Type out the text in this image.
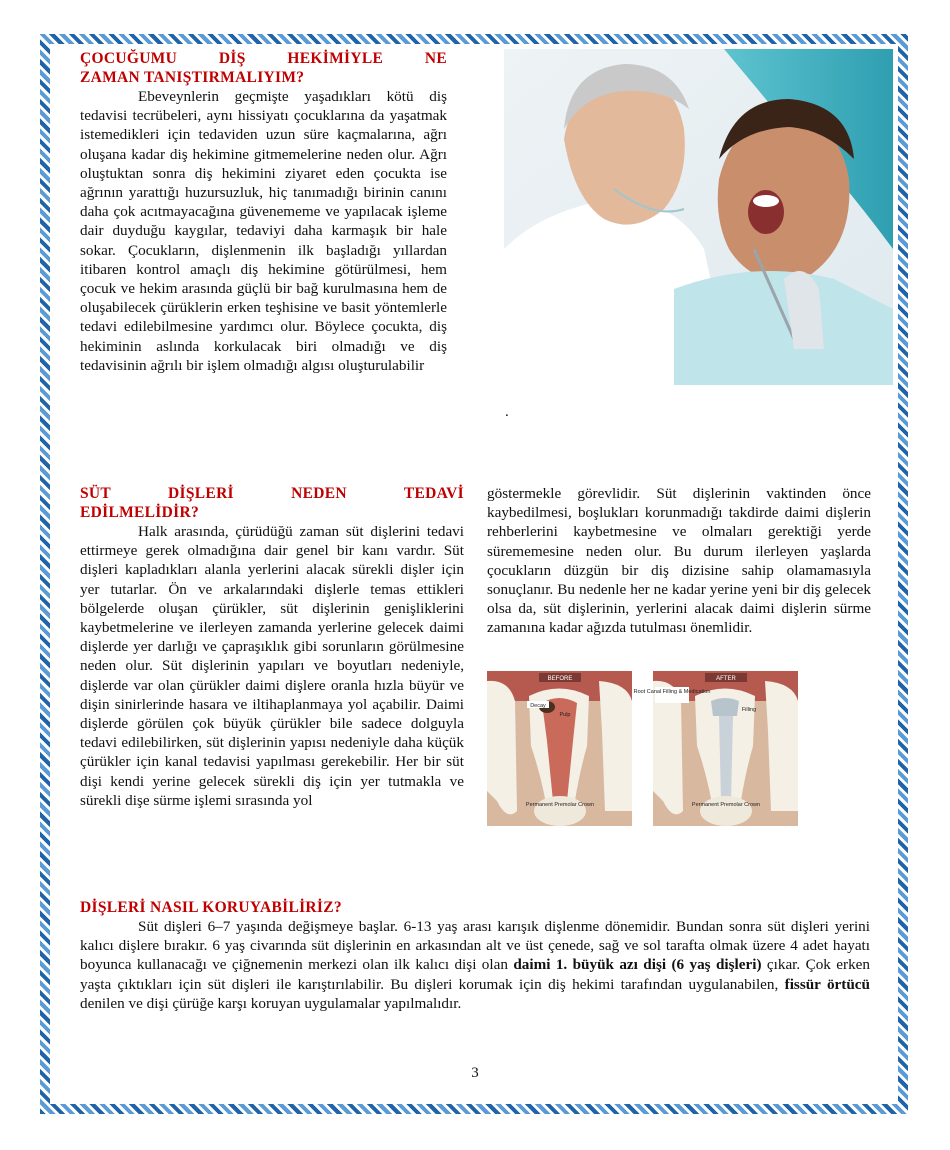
ÇOCUĞUMU DİŞ HEKİMİYLE NE
ZAMAN TANIŞTIRMALIYIM?

Ebeveynlerin geçmişte yaşadıkları kötü diş tedavisi tecrübeleri, aynı hissiyatı çocuklarına da yaşatmak istemedikleri için tedaviden uzun süre kaçmalarına, ağrı oluşana kadar diş hekimine gitmemelerine neden olur. Ağrı oluştuktan sonra diş hekimini ziyaret eden çocukta ise ağrının yarattığı huzursuzluk, hiç tanımadığı birinin canını daha çok acıtmayacağına güvenememe ve yapılacak işleme dair duyduğu kaygılar, tedaviyi daha karmaşık bir hale sokar. Çocukların, dişlenmenin ilk başladığı yıllardan itibaren kontrol amaçlı diş hekimine götürülmesi, hem çocuk ve hekim arasında güçlü bir bağ kurulmasına hem de oluşabilecek çürüklerin erken teşhisine ve basit yöntemlerle tedavi edilebilmesine yardımcı olur. Böylece çocukta, diş hekiminin aslında korkulacak biri olmadığı ve diş tedavisinin ağrılı bir işlem olmadığı algısı oluşturulabilir

.
SÜT DİŞLERİ NEDEN TEDAVİ
EDİLMELİDİR?

Halk arasında, çürüdüğü zaman süt dişlerini tedavi ettirmeye gerek olmadığına dair genel bir kanı vardır. Süt dişleri kapladıkları alanla yerlerini alacak sürekli dişler için yer tutarlar. Ön ve arkalarındaki dişlerle temas ettikleri bölgelerde oluşan çürükler, süt dişlerinin genişliklerini kaybetmelerine ve ilerleyen zamanda yerlerine gelecek daimi dişlerde yer darlığı ve çapraşıklık gibi sorunların görülmesine neden olur. Süt dişlerinin yapıları ve boyutları nedeniyle, dişlerde var olan çürükler daimi dişlere oranla hızla büyür ve dişin sinirlerinde hasara ve iltihaplanmaya yol açabilir. Daimi dişlerde görülen çok büyük çürükler bile sadece dolguyla tedavi edilebilirken, süt dişlerinin yapısı nedeniyle daha küçük çürükler için kanal tedavisi yapılması gerekebilir. Her bir süt dişi kendi yerine gelecek sürekli diş için yer tutmakla ve sürekli dişe sürme işlemi sırasında yol

göstermekle görevlidir. Süt dişlerinin vaktinden önce kaybedilmesi, boşlukları korunmadığı takdirde daimi dişlerin rehberlerini kaybetmesine ve olmaları gerektiği yerde sürememesine neden olur. Bu durum ilerleyen yaşlarda çocukların düzgün bir diş dizisine sahip olamamasıyla sonuçlanır. Bu nedenle her ne kadar yerine yeni bir diş gelecek olsa da, süt dişlerinin, yerlerini alacak daimi dişlerin sürme zamanına kadar ağızda tutulması önemlidir.

BEFORE
Decay
Pulp
Permanent Premolar Crown
AFTER
Root Canal Filling & Medication
Filling
Permanent Premolar Crown
DİŞLERİ NASIL KORUYABİLİRİZ?

Süt dişleri 6–7 yaşında değişmeye başlar. 6-13 yaş arası karışık dişlenme dönemidir. Bundan sonra süt dişleri yerini kalıcı dişlere bırakır. 6 yaş civarında süt dişlerinin en arkasından alt ve üst çenede, sağ ve sol tarafta olmak üzere 4 adet hayatı boyunca kullanacağı ve çiğnemenin merkezi olan ilk kalıcı dişi olan daimi 1. büyük azı dişi (6 yaş dişleri) çıkar. Çok erken yaşta çıktıkları için süt dişleri ile karıştırılabilir. Bu dişleri korumak için diş hekimi tarafından uygulanabilen, fissür örtücü denilen ve dişi çürüğe karşı koruyan uygulamalar yapılmalıdır.

3
